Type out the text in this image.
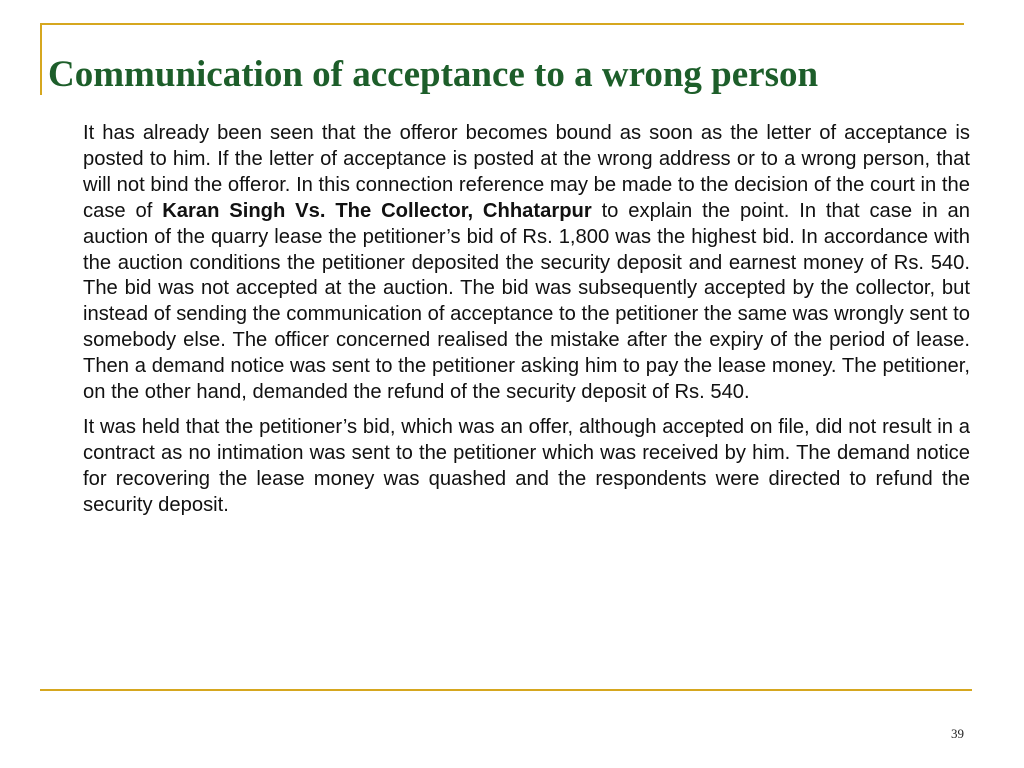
Communication of acceptance to a wrong person

It has already been seen that the offeror becomes bound as soon as the letter of acceptance is posted to him. If the letter of acceptance is posted at the wrong address or to a wrong person, that will not bind the offeror. In this connection reference may be made to the decision of the court in the case of Karan Singh Vs. The Collector, Chhatarpur to explain the point. In that case in an auction of the quarry lease the petitioner’s bid of Rs. 1,800 was the highest bid. In accordance with the auction conditions the petitioner deposited the security deposit and earnest money of Rs. 540. The bid was not accepted at the auction. The bid was subsequently accepted by the collector, but instead of sending the communication of acceptance to the petitioner the same was wrongly sent to somebody else. The officer concerned realised the mistake after the expiry of the period of lease. Then a demand notice was sent to the petitioner asking him to pay the lease money. The petitioner, on the other hand, demanded the refund of the security deposit of Rs. 540.

It was held that the petitioner’s bid, which was an offer, although accepted on file, did not result in a contract as no intimation was sent to the petitioner which was received by him. The demand notice for recovering the lease money was quashed and the respondents were directed to refund the security deposit.

39
